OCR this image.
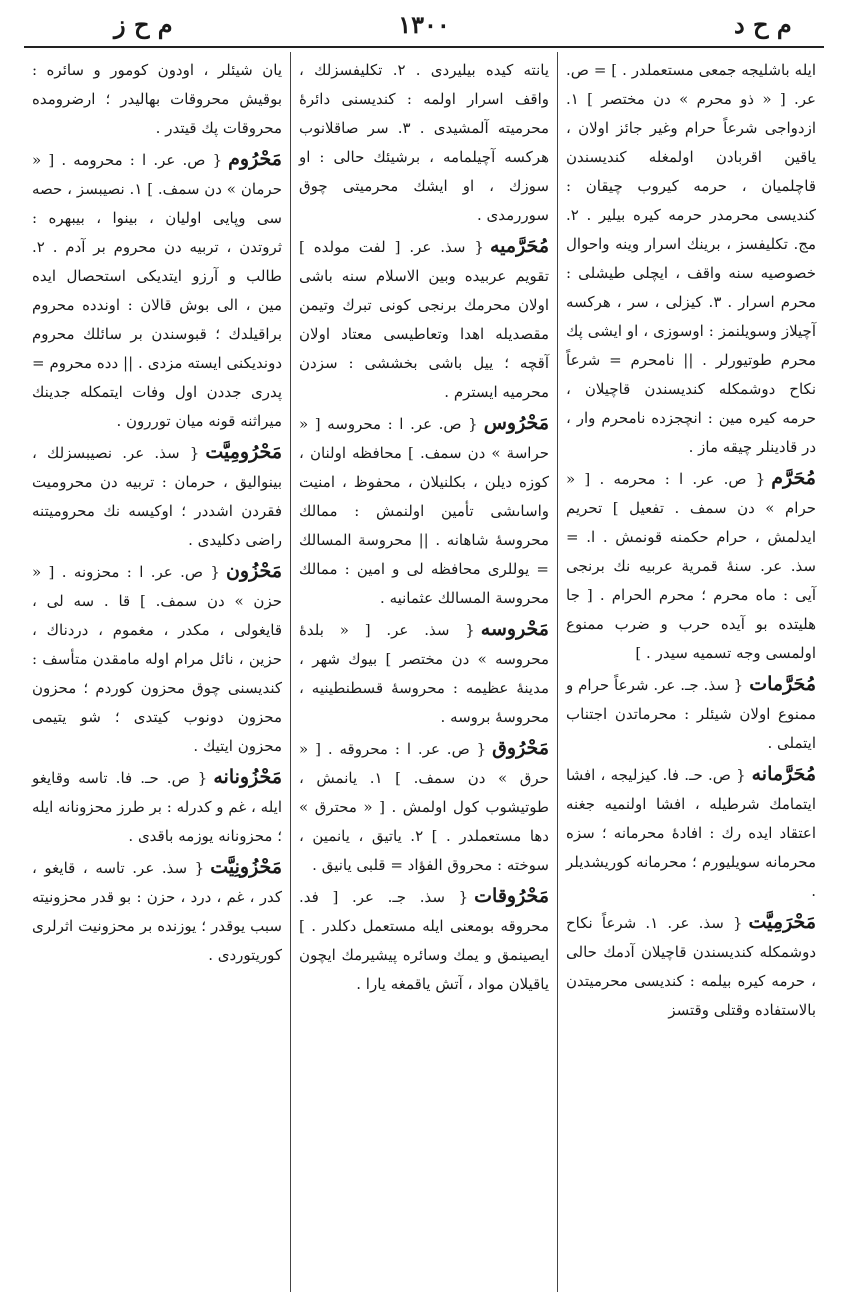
م ح ز	١٣٠٠	م ح د

ايله باشليجه جمعى مستعملدر . ] = ص. عر. [ « ذو محرم » دن مختصر ] ١. ازدواجى شرعاً حرام وغير جائز اولان ، ياقين اقربادن اولمغله كنديسندن قاچلميان ، حرمه كيروب چيقان : كنديسى محرمدر حرمه كيره بيلير . ٢. مج. تكليفسز ، برينك اسرار وينه واحوال خصوصيه سنه واقف ، ايچلى طيشلى : محرم اسرار . ٣. كيزلى ، سر ، هركسه آچيلاز وسويلنمز : اوسوزى ، او ايشى پك محرم طوتيورلر . || نامحرم = شرعاً نكاح دوشمكله كنديسندن قاچيلان ، حرمه كيره مين : انچجزده نامحرم وار ، در قادينلر چيقه ماز .

مُحَرَّم{ ص. عر. ا : محرمه . [ « حرام » دن سمف . تفعيل ] تحريم ايدلمش ، حرام حكمنه قونمش . ا. = سذ. عر. سنهٔ قمرية عربيه نك برنجى آيى : ماه محرم ؛ محرم الحرام . [ جا هليتده بو آيده حرب و ضرب ممنوع اولمسى وجه تسميه سيدر . ]

مُحَرَّمات{ سذ. جـ. عر. شرعاً حرام و ممنوع اولان شيئلر : محرماتدن اجتناب ايتملى .

مُحَرَّمانه{ ص. حـ. فا. كيزليجه ، افشا ايتمامك شرطيله ، افشا اولنميه جغنه اعتقاد ايده رك : افادهٔ محرمانه ؛ سزه محرمانه سويليورم ؛ محرمانه كوريشديلر .

مَحْرَمِيَّت{ سذ. عر. ١. شرعاً نكاح دوشمكله كنديسندن قاچيلان آدمك حالى ، حرمه كيره بيلمه : كنديسى محرميتدن بالاستفاده وقتلى وقتسز

يانته كيده بيليردى . ٢. تكليفسزلك ، واقف اسرار اولمه : كنديسنى دائرهٔ محرميته آلمشيدى . ٣. سر صاقلانوب هركسه آچيلمامه ، برشيئك حالى : او سوزك ، او ايشك محرميتى چوق سوررمدى .

مُحَرَّميه{ سذ. عر. [ لفت مولده ] تقويم عربيده وبين الاسلام سنه باشى اولان محرمك برنجى كونى تبرك وتيمن مقصديله اهدا وتعاطيسى معتاد اولان آقچه ؛ ييل باشى بخششى : سزدن محرميه ايسترم .

مَحْرُوس{ ص. عر. ا : محروسه [ « حراسة » دن سمف. ] محافظه اولنان ، كوزه ديلن ، بكلنيلان ، محفوظ ، امنيت واساىشى تأمين اولنمش : ممالك محروسهٔ شاهانه . || محروسة المسالك = يوللرى محافظه لى و امين : ممالك محروسة المسالك عثمانيه .

مَحْروسه{ سذ. عر. [ « بلدهٔ محروسه » دن مختصر ] بيوك شهر ، مدينهٔ عظيمه : محروسهٔ قسطنطينيه ، محروسهٔ بروسه .

مَحْرُوق{ ص. عر. ا : محروقه . [ « حرق » دن سمف. ] ١. يانمش ، طوتيشوب كول اولمش . [ « محترق » دها مستعملدر . ] ٢. ياتيق ، يانمين ، سوخته : محروق الفؤاد = قلبى يانيق .

مَحْرُوقات{ سذ. جـ. عر. [ فد. محروقه بومعنى ايله مستعمل دكلدر . ] ايصينمق و يمك وسائره پيشيرمك ايچون ياقيلان مواد ، آتش ياقمغه يارا .

يان شيئلر ، اودون كومور و سائره : بوقيش محروقات بهاليدر ؛ ارضرومده محروقات پك قيتدر .

مَحْرُوم{ ص. عر. ا : محرومه . [ « حرمان » دن سمف. ] ١. نصيبسز ، حصه سى وپايى اوليان ، بينوا ، بيبهره : ثروتدن ، تربيه دن محروم بر آدم . ٢. طالب و آرزو ايتديكى استحصال ايده مين ، الى بوش قالان : اوندده محروم براقيلدك ؛ قبوسندن بر سائلك محروم دونديكنى ايسته مزدى . || دده محروم = پدرى جددن اول وفات ايتمكله جدينك ميراثنه قونه ميان توررون .

مَحْرُومِيَّت{ سذ. عر. نصيبسزلك ، بينواليق ، حرمان : تربيه دن محروميت فقردن اشددر ؛ اوكيسه نك محروميتنه راضى دكليدى .

مَحْزُون{ ص. عر. ا : محزونه . [ « حزن » دن سمف. ] قا . سه لى ، قايغولى ، مكدر ، مغموم ، دردناك ، حزين ، نائل مرام اوله مامقدن متأسف : كنديسنى چوق محزون كوردم ؛ محزون محزون دونوب كيتدى ؛ شو يتيمى محزون ايتيك .

مَحْزُونانه{ ص. حـ. فا. تاسه وقايغو ايله ، غم و كدرله : بر طرز محزونانه ايله ؛ محزونانه يوزمه باقدى .

مَحْزُونِيَّت{ سذ. عر. تاسه ، قايغو ، كدر ، غم ، درد ، حزن : بو قدر محزونيته سبب يوقدر ؛ يوزنده بر محزونيت اثرلرى كوريتوردى .
